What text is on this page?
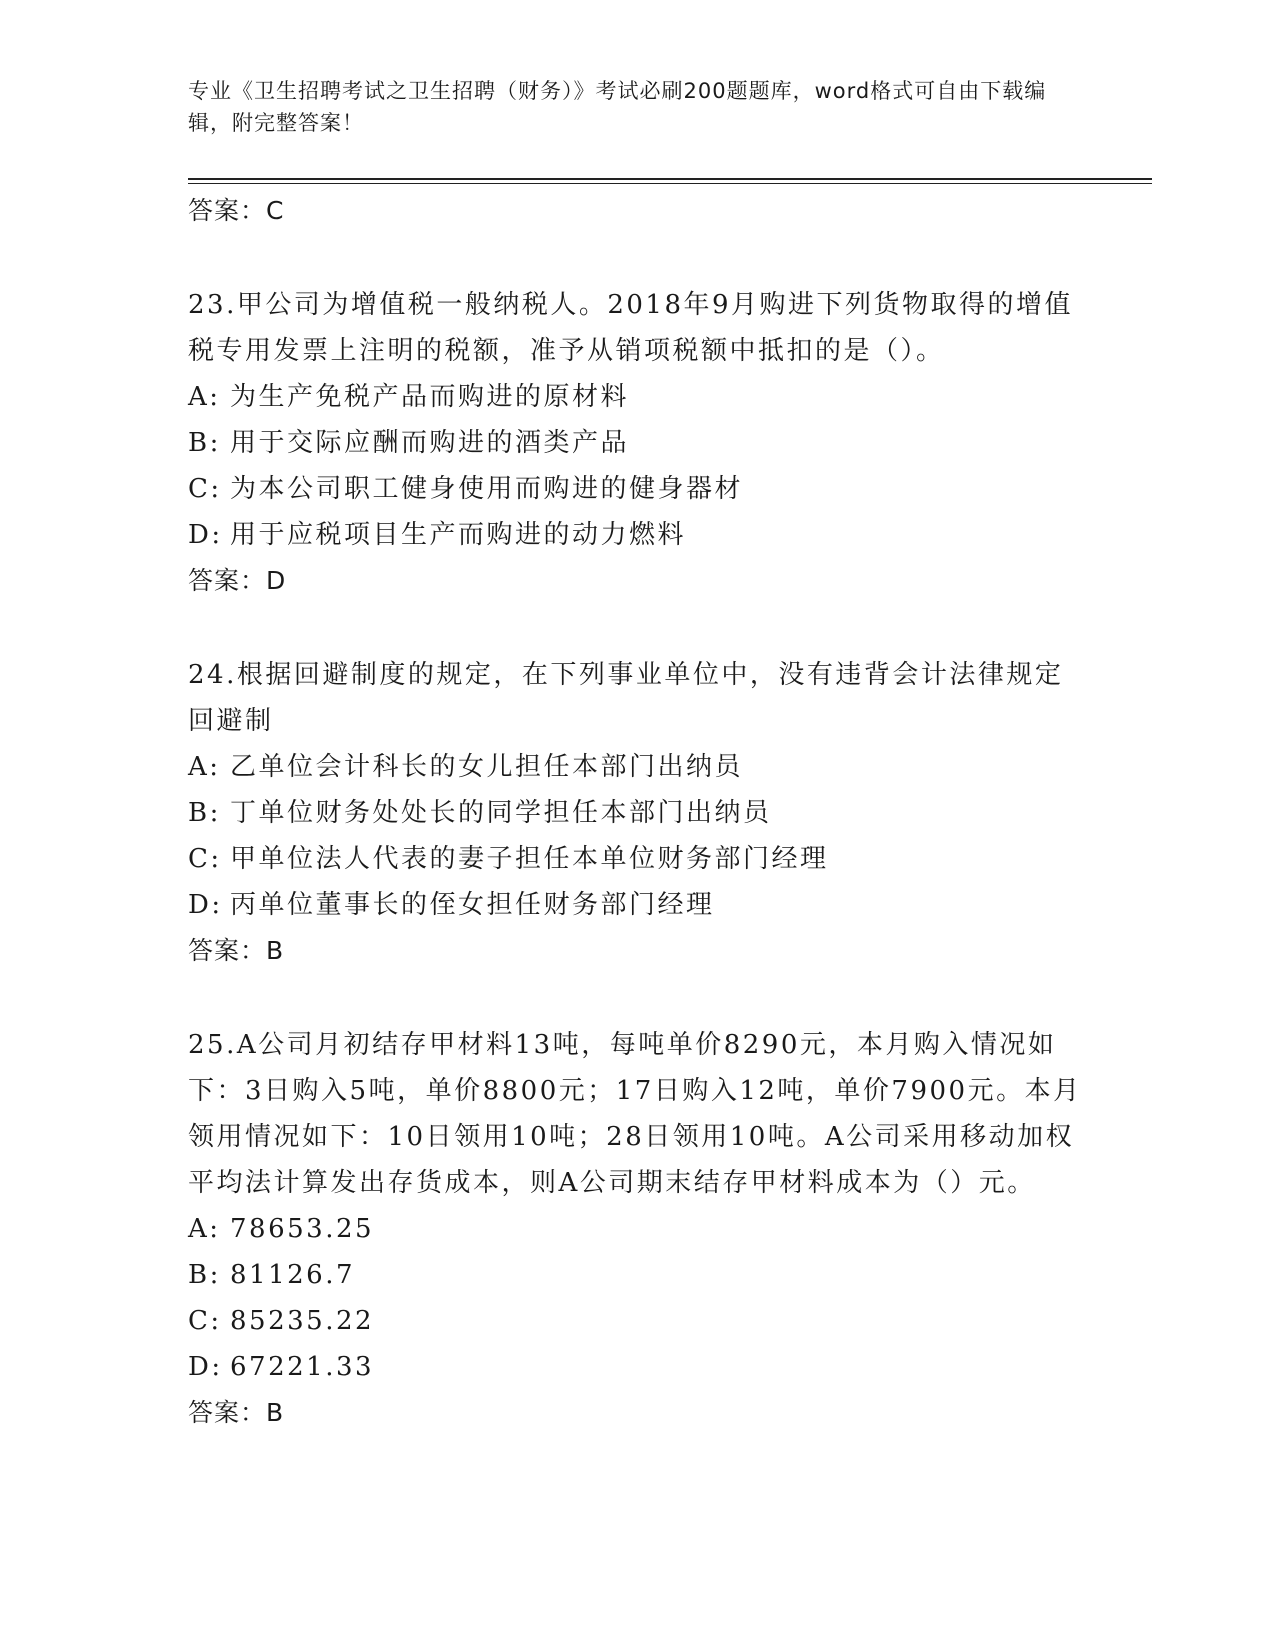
专业《卫生招聘考试之卫生招聘（财务）》考试必刷200题题库，word格式可自由下载编辑，附完整答案！
答案：C
23.甲公司为增值税一般纳税人。2018年9月购进下列货物取得的增值税专用发票上注明的税额，准予从销项税额中抵扣的是（）。
A: 为生产免税产品而购进的原材料
B: 用于交际应酬而购进的酒类产品
C: 为本公司职工健身使用而购进的健身器材
D: 用于应税项目生产而购进的动力燃料
答案：D
24.根据回避制度的规定，在下列事业单位中，没有违背会计法律规定回避制
A: 乙单位会计科长的女儿担任本部门出纳员
B: 丁单位财务处处长的同学担任本部门出纳员
C: 甲单位法人代表的妻子担任本单位财务部门经理
D: 丙单位董事长的侄女担任财务部门经理
答案：B
25.A公司月初结存甲材料13吨，每吨单价8290元，本月购入情况如下：3日购入5吨，单价8800元；17日购入12吨，单价7900元。本月领用情况如下：10日领用10吨；28日领用10吨。A公司采用移动加权平均法计算发出存货成本，则A公司期末结存甲材料成本为（）元。
A: 78653.25
B: 81126.7
C: 85235.22
D: 67221.33
答案：B
